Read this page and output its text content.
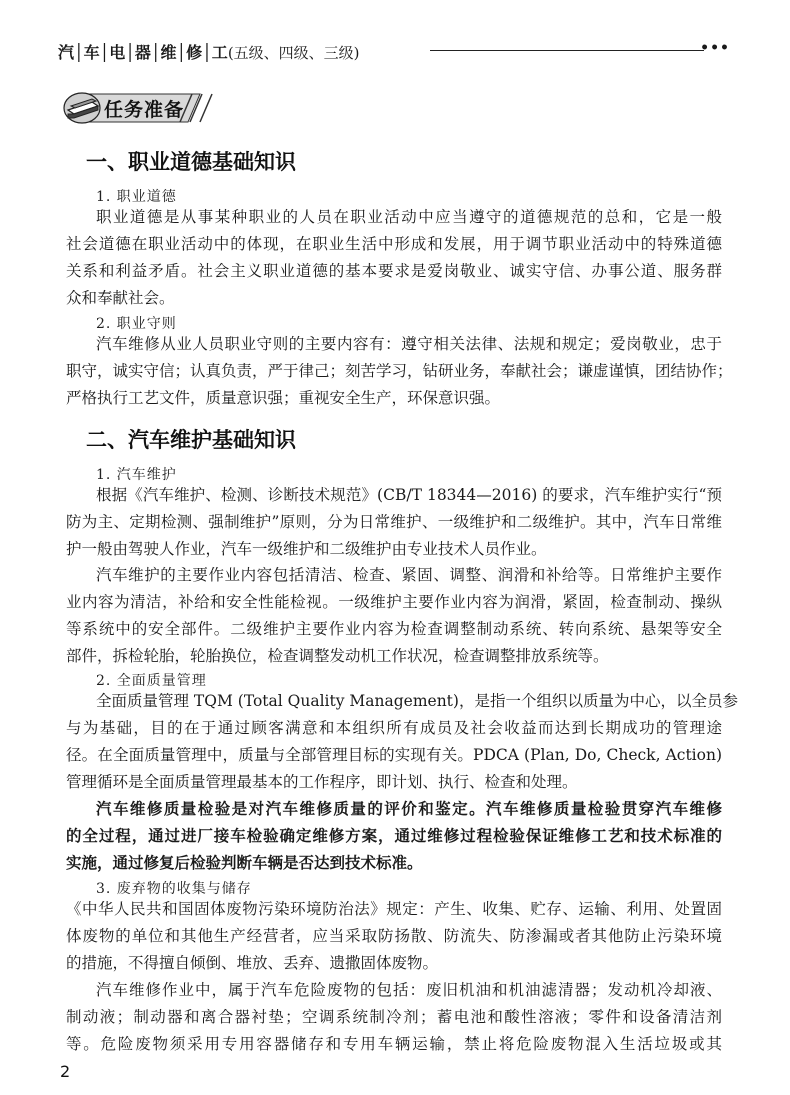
汽│车│电│器│维│修│工(五级、四级、三级)	•••
任务准备
一、职业道德基础知识
1. 职业道德
职业道德是从事某种职业的人员在职业活动中应当遵守的道德规范的总和，它是一般
社会道德在职业活动中的体现，在职业生活中形成和发展，用于调节职业活动中的特殊道德
关系和利益矛盾。社会主义职业道德的基本要求是爱岗敬业、诚实守信、办事公道、服务群
众和奉献社会。
2. 职业守则
汽车维修从业人员职业守则的主要内容有：遵守相关法律、法规和规定；爱岗敬业，忠于
职守，诚实守信；认真负责，严于律己；刻苦学习，钻研业务，奉献社会；谦虚谨慎，团结协作；
严格执行工艺文件，质量意识强；重视安全生产，环保意识强。
二、汽车维护基础知识
1. 汽车维护
根据《汽车维护、检测、诊断技术规范》(CB/T 18344—2016) 的要求，汽车维护实行“预
防为主、定期检测、强制维护”原则，分为日常维护、一级维护和二级维护。其中，汽车日常维
护一般由驾驶人作业，汽车一级维护和二级维护由专业技术人员作业。
汽车维护的主要作业内容包括清洁、检查、紧固、调整、润滑和补给等。日常维护主要作
业内容为清洁，补给和安全性能检视。一级维护主要作业内容为润滑，紧固，检查制动、操纵
等系统中的安全部件。二级维护主要作业内容为检查调整制动系统、转向系统、悬架等安全
部件，拆检轮胎，轮胎换位，检查调整发动机工作状况，检查调整排放系统等。
2. 全面质量管理
全面质量管理 TQM (Total Quality Management)，是指一个组织以质量为中心，以全员参
与为基础，目的在于通过顾客满意和本组织所有成员及社会收益而达到长期成功的管理途
径。在全面质量管理中，质量与全部管理目标的实现有关。PDCA (Plan, Do, Check, Action)
管理循环是全面质量管理最基本的工作程序，即计划、执行、检查和处理。
汽车维修质量检验是对汽车维修质量的评价和鉴定。汽车维修质量检验贯穿汽车维修
的全过程，通过进厂接车检验确定维修方案，通过维修过程检验保证维修工艺和技术标准的
实施，通过修复后检验判断车辆是否达到技术标准。
3. 废弃物的收集与储存
《中华人民共和国固体废物污染环境防治法》规定：产生、收集、贮存、运输、利用、处置固
体废物的单位和其他生产经营者，应当采取防扬散、防流失、防渗漏或者其他防止污染环境
的措施，不得擅自倾倒、堆放、丢弃、遗撒固体废物。
汽车维修作业中，属于汽车危险废物的包括：废旧机油和机油滤清器；发动机冷却液、
制动液；制动器和离合器衬垫；空调系统制冷剂；蓄电池和酸性溶液；零件和设备清洁剂
等。危险废物须采用专用容器储存和专用车辆运输，禁止将危险废物混入生活垃圾或其
2
